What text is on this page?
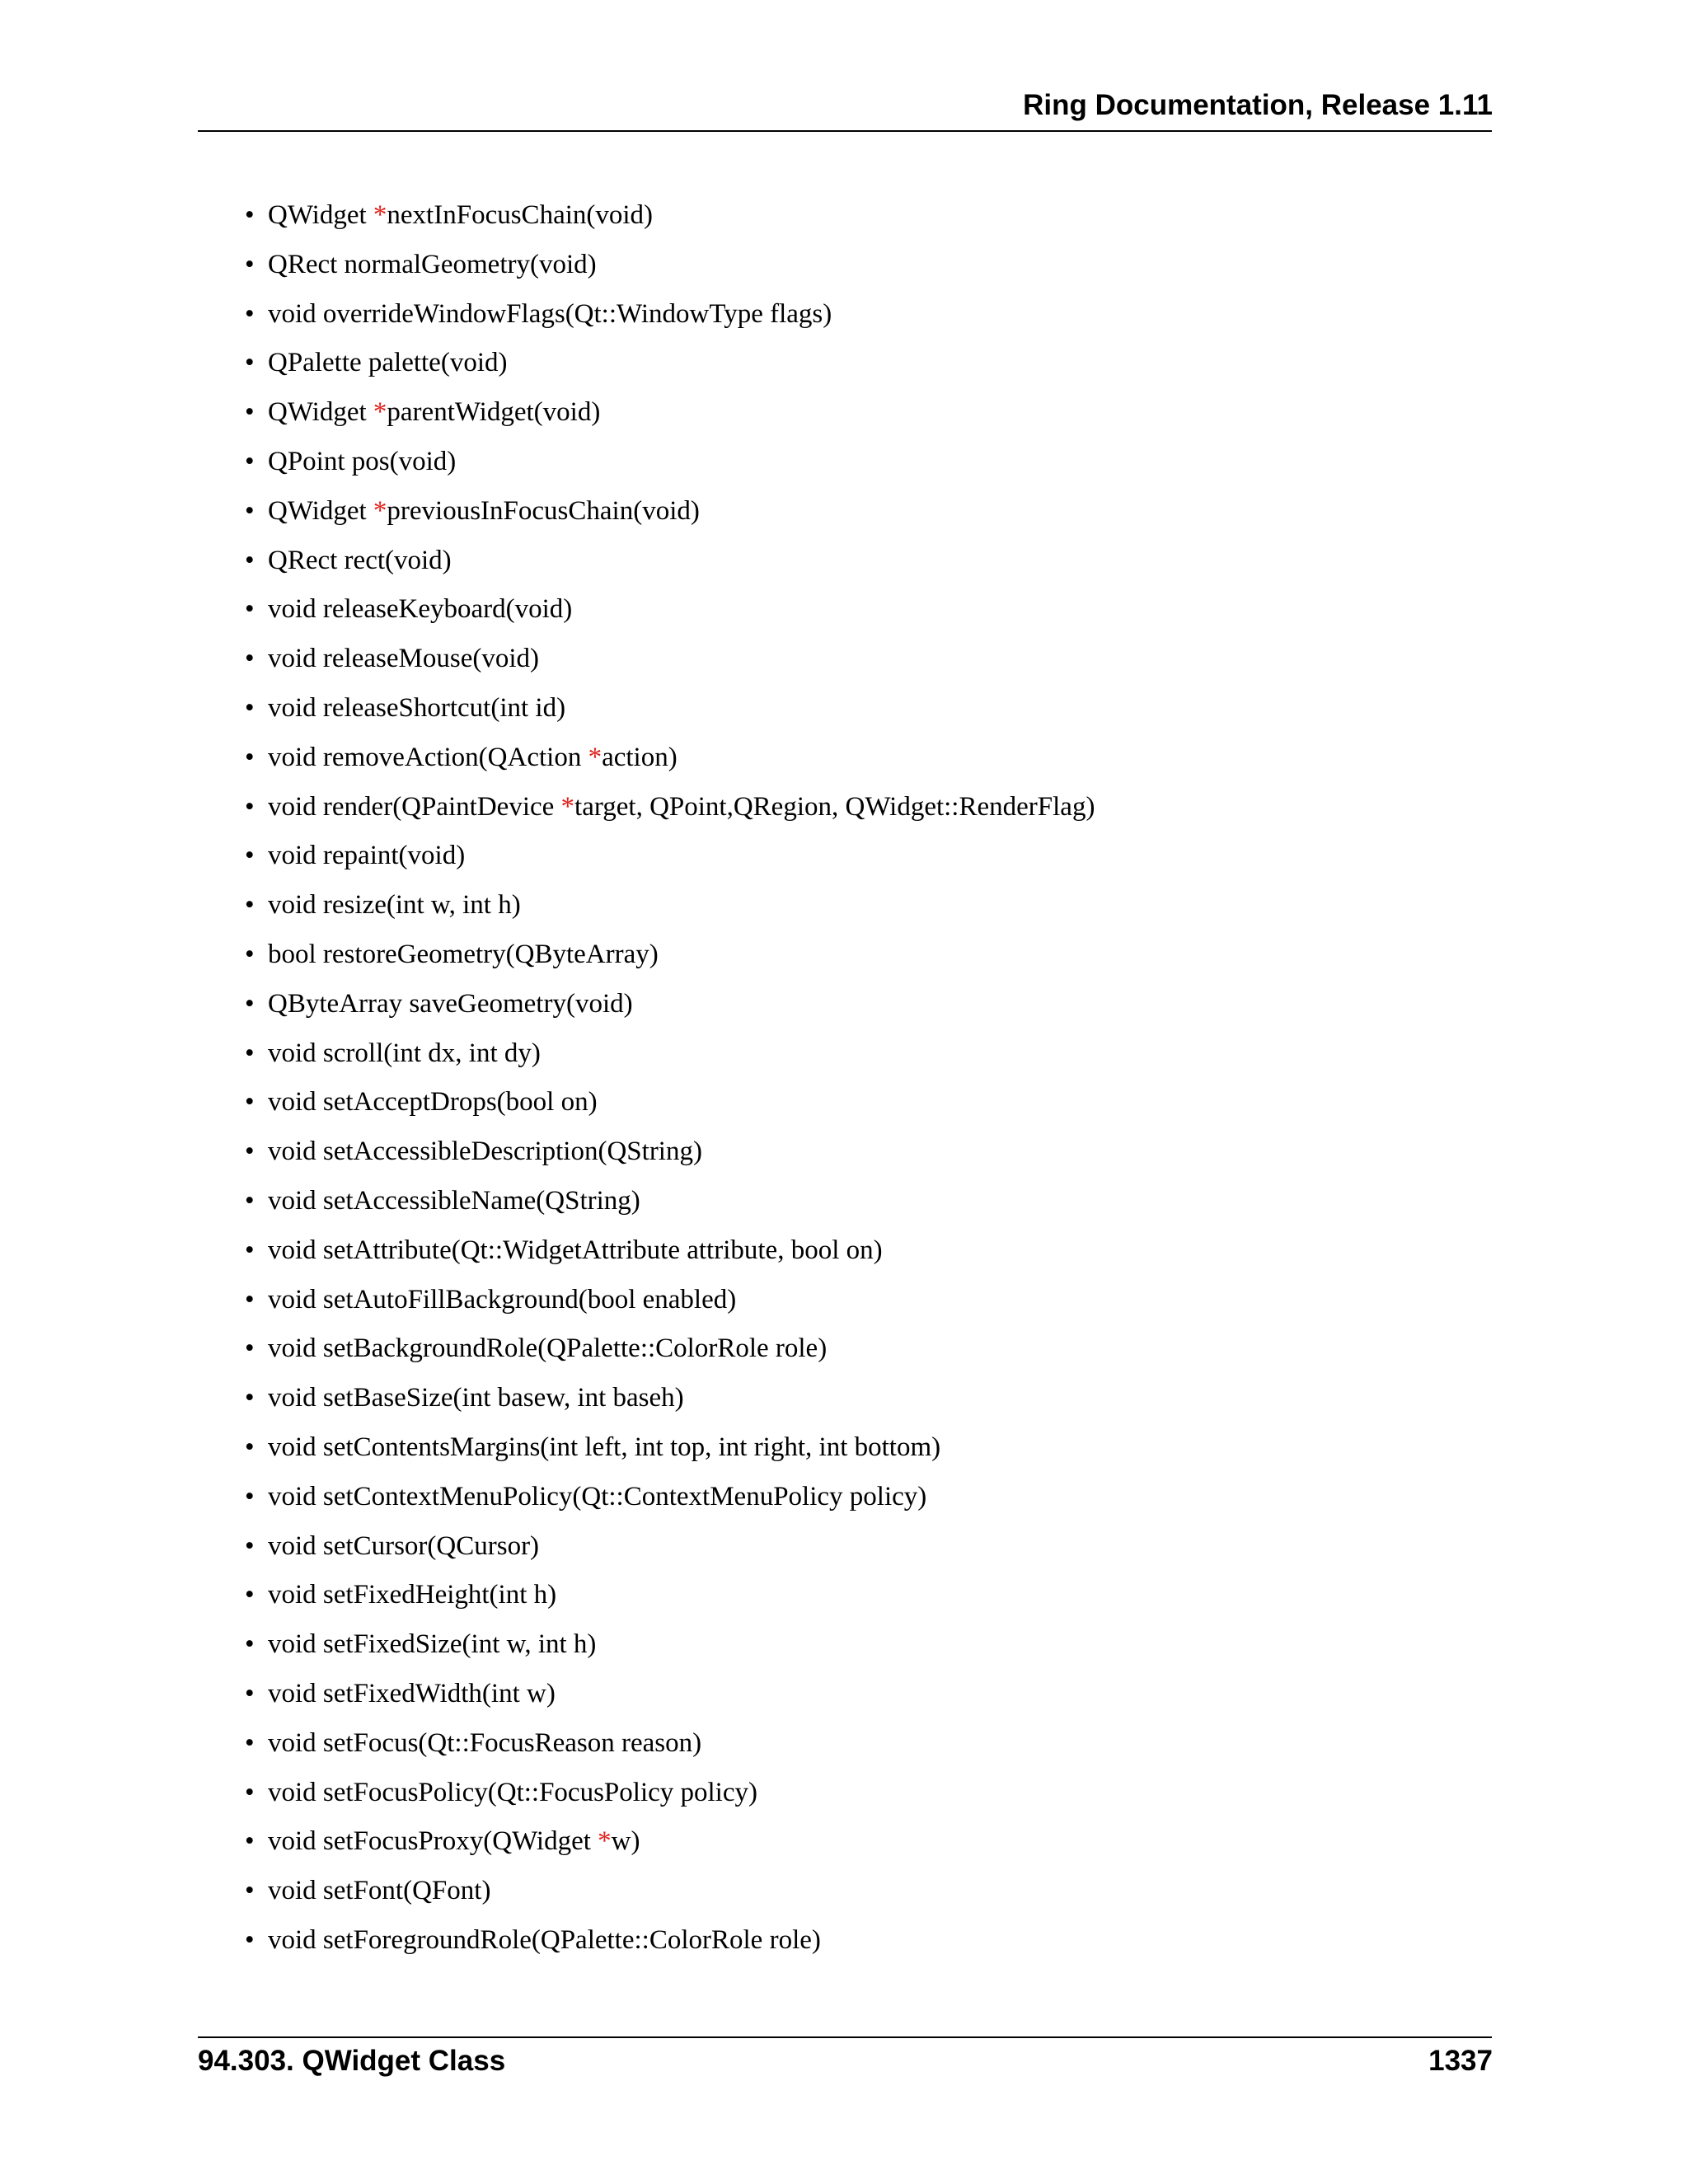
Ring Documentation, Release 1.11
• QWidget *nextInFocusChain(void)
• QRect normalGeometry(void)
• void overrideWindowFlags(Qt::WindowType flags)
• QPalette palette(void)
• QWidget *parentWidget(void)
• QPoint pos(void)
• QWidget *previousInFocusChain(void)
• QRect rect(void)
• void releaseKeyboard(void)
• void releaseMouse(void)
• void releaseShortcut(int id)
• void removeAction(QAction *action)
• void render(QPaintDevice *target, QPoint,QRegion, QWidget::RenderFlag)
• void repaint(void)
• void resize(int w, int h)
• bool restoreGeometry(QByteArray)
• QByteArray saveGeometry(void)
• void scroll(int dx, int dy)
• void setAcceptDrops(bool on)
• void setAccessibleDescription(QString)
• void setAccessibleName(QString)
• void setAttribute(Qt::WidgetAttribute attribute, bool on)
• void setAutoFillBackground(bool enabled)
• void setBackgroundRole(QPalette::ColorRole role)
• void setBaseSize(int basew, int baseh)
• void setContentsMargins(int left, int top, int right, int bottom)
• void setContextMenuPolicy(Qt::ContextMenuPolicy policy)
• void setCursor(QCursor)
• void setFixedHeight(int h)
• void setFixedSize(int w, int h)
• void setFixedWidth(int w)
• void setFocus(Qt::FocusReason reason)
• void setFocusPolicy(Qt::FocusPolicy policy)
• void setFocusProxy(QWidget *w)
• void setFont(QFont)
• void setForegroundRole(QPalette::ColorRole role)
94.303. QWidget Class	1337
